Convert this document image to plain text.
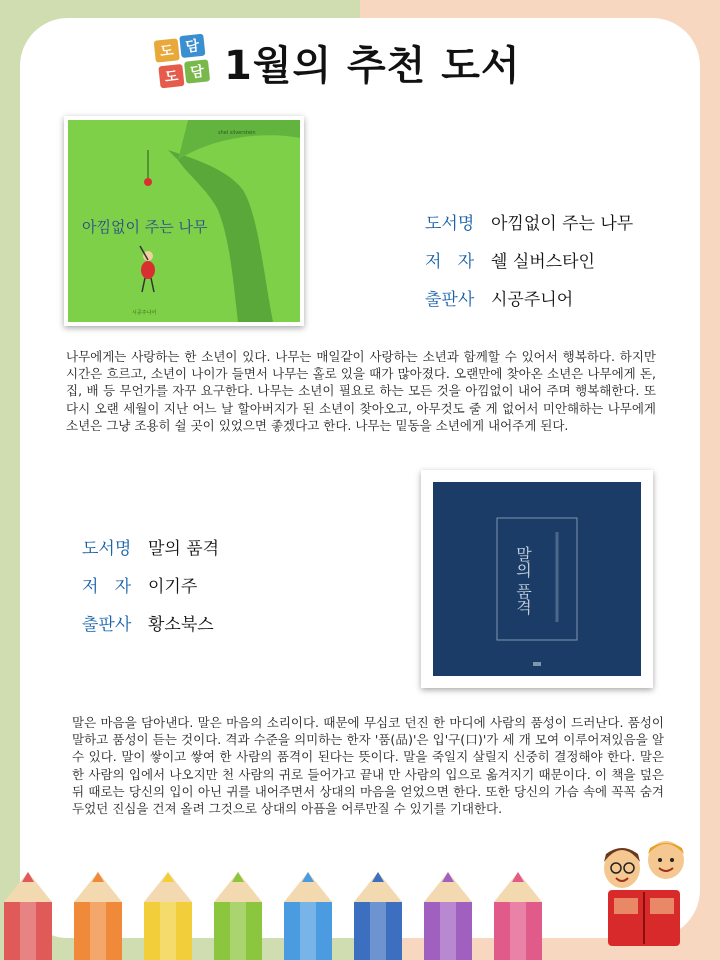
도 담
도 담 1월의 추천 도서
shel silverstein
아낌없이 주는 나무
시공주니어
도서명 아낌없이 주는 나무
저   자 쉘 실버스타인
출판사 시공주니어
나무에게는 사랑하는 한 소년이 있다. 나무는 매일같이 사랑하는 소년과 함께할 수 있어서 행복하다. 하지만 시간은 흐르고, 소년이 나이가 들면서 나무는 홀로 있을 때가 많아졌다. 오랜만에 찾아온 소년은 나무에게 돈, 집, 배 등 무언가를 자꾸 요구한다. 나무는 소년이 필요로 하는 모든 것을 아낌없이 내어 주며 행복해한다. 또 다시 오랜 세월이 지난 어느 날 할아버지가 된 소년이 찾아오고, 아무것도 줄 게 없어서 미안해하는 나무에게 소년은 그냥 조용히 쉴 곳이 있었으면 좋겠다고 한다. 나무는 밑동을 소년에게 내어주게 된다.
도서명 말의 품격
저   자 이기주
출판사 황소북스
말의 품격
말은 마음을 담아낸다. 말은 마음의 소리이다. 때문에 무심코 던진 한 마디에 사람의 품성이 드러난다. 품성이 말하고 품성이 듣는 것이다. 격과 수준을 의미하는 한자 '품(品)'은 입'구(口)'가 세 개 모여 이루어져있음을 알 수 있다. 말이 쌓이고 쌓여 한 사람의 품격이 된다는 뜻이다. 말을 죽일지 살릴지 신중히 결정해야 한다. 말은 한 사람의 입에서 나오지만 천 사람의 귀로 들어가고 끝내 만 사람의 입으로 옮겨지기 때문이다. 이 책을 덮은 뒤 때로는 당신의 입이 아닌 귀를 내어주면서 상대의 마음을 얻었으면 한다. 또한 당신의 가슴 속에 꼭꼭 숨겨두었던 진심을 건져 올려 그것으로 상대의 아픔을 어루만질 수 있기를 기대한다.
